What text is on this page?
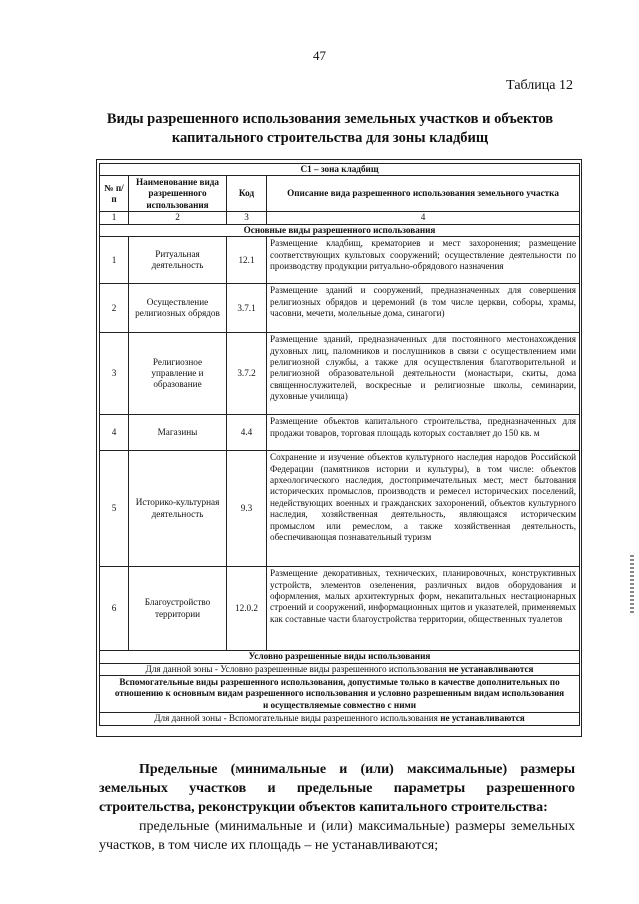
47
Таблица 12
Виды разрешенного использования земельных участков и объектов капитального строительства для зоны кладбищ
С1 – зона кладбищ			
№ п/п	Наименование вида разрешенного использования	Код	Описание вида разрешенного использования земельного участка
1	2	3	4
Основные виды разрешенного использования			
1	Ритуальная деятельность	12.1	Размещение кладбищ, крематориев и мест захоронения; размещение соответствующих культовых сооружений; осуществление деятельности по производству продукции ритуально-обрядового назначения
2	Осуществление религиозных обрядов	3.7.1	Размещение зданий и сооружений, предназначенных для совершения религиозных обрядов и церемоний (в том числе церкви, соборы, храмы, часовни, мечети, молельные дома, синагоги)
3	Религиозное управление и образование	3.7.2	Размещение зданий, предназначенных для постоянного местонахождения духовных лиц, паломников и послушников в связи с осуществлением ими религиозной службы, а также для осуществления благотворительной и религиозной образовательной деятельности (монастыри, скиты, дома священнослужителей, воскресные и религиозные школы, семинарии, духовные училища)
4	Магазины	4.4	Размещение объектов капитального строительства, предназначенных для продажи товаров, торговая площадь которых составляет до 150 кв. м
5	Историко-культурная деятельность	9.3	Сохранение и изучение объектов культурного наследия народов Российской Федерации (памятников истории и культуры), в том числе: объектов археологического наследия, достопримечательных мест, мест бытования исторических промыслов, производств и ремесел исторических поселений, недействующих военных и гражданских захоронений, объектов культурного наследия, хозяйственная деятельность, являющаяся историческим промыслом или ремеслом, а также хозяйственная деятельность, обеспечивающая познавательный туризм
6	Благоустройство территории	12.0.2	Размещение декоративных, технических, планировочных, конструктивных устройств, элементов озеленения, различных видов оборудования и оформления, малых архитектурных форм, некапитальных нестационарных строений и сооружений, информационных щитов и указателей, применяемых как составные части благоустройства территории, общественных туалетов
Условно разрешенные виды использования			
Для данной зоны - Условно разрешенные виды разрешенного использования не устанавливаются			
Вспомогательные виды разрешенного использования, допустимые только в качестве дополнительных по отношению к основным видам разрешенного использования и условно разрешенным видам использования и осуществляемые совместно с ними			
Для данной зоны - Вспомогательные виды разрешенного использования не устанавливаются			

Предельные (минимальные и (или) максимальные) размеры земельных участков и предельные параметры разрешенного строительства, реконструкции объектов капитального строительства:

предельные (минимальные и (или) максимальные) размеры земельных участков, в том числе их площадь – не устанавливаются;
